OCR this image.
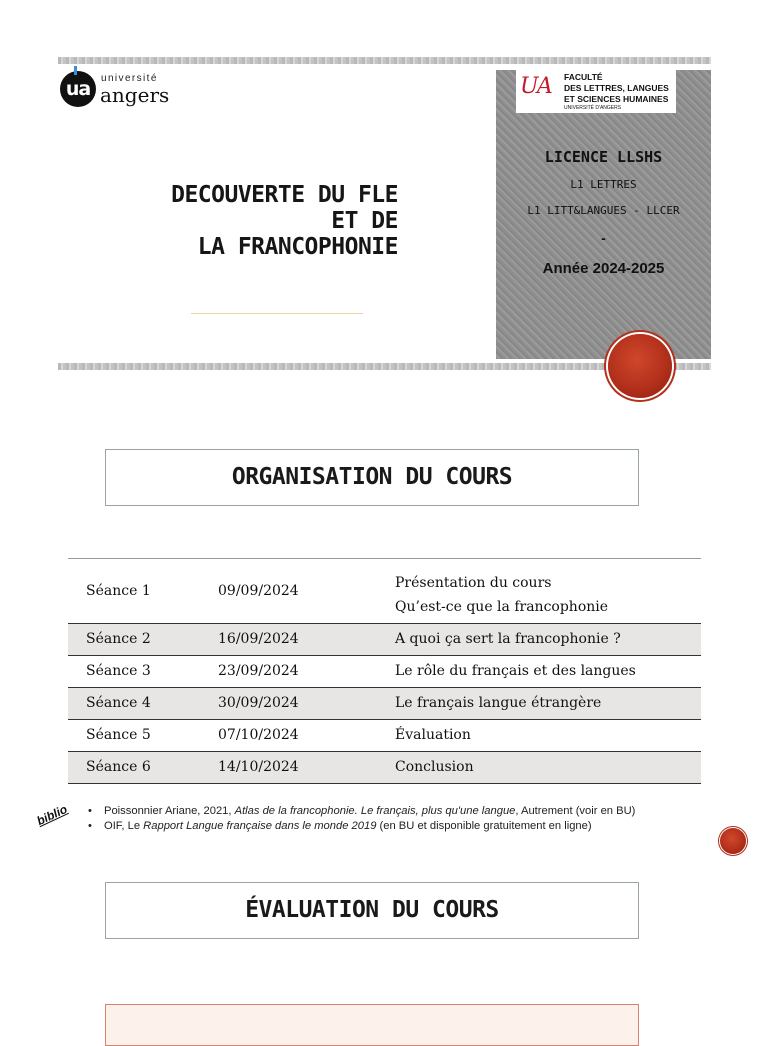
ua	université
angers
DECOUVERTE DU FLE
ET DE
LA FRANCOPHONIE
UA FACULTÉ
DES LETTRES, LANGUES
ET SCIENCES HUMAINES
UNIVERSITÉ D'ANGERS
LICENCE LLSHS
L1 LETTRES
L1 LITT&LANGUES - LLCER
-
Année 2024-2025
ORGANISATION DU COURS
Séance 1	09/09/2024	Présentation du cours
Qu’est-ce que la francophonie
Séance 2	16/09/2024	A quoi ça sert la francophonie ?
Séance 3	23/09/2024	Le rôle du français et des langues
Séance 4	30/09/2024	Le français langue étrangère
Séance 5	07/10/2024	Évaluation
Séance 6	14/10/2024	Conclusion
biblio • Poissonnier Ariane, 2021, Atlas de la francophonie. Le français, plus qu'une langue, Autrement (voir en BU)
• OIF, Le Rapport Langue française dans le monde 2019 (en BU et disponible gratuitement en ligne)
ÉVALUATION DU COURS
